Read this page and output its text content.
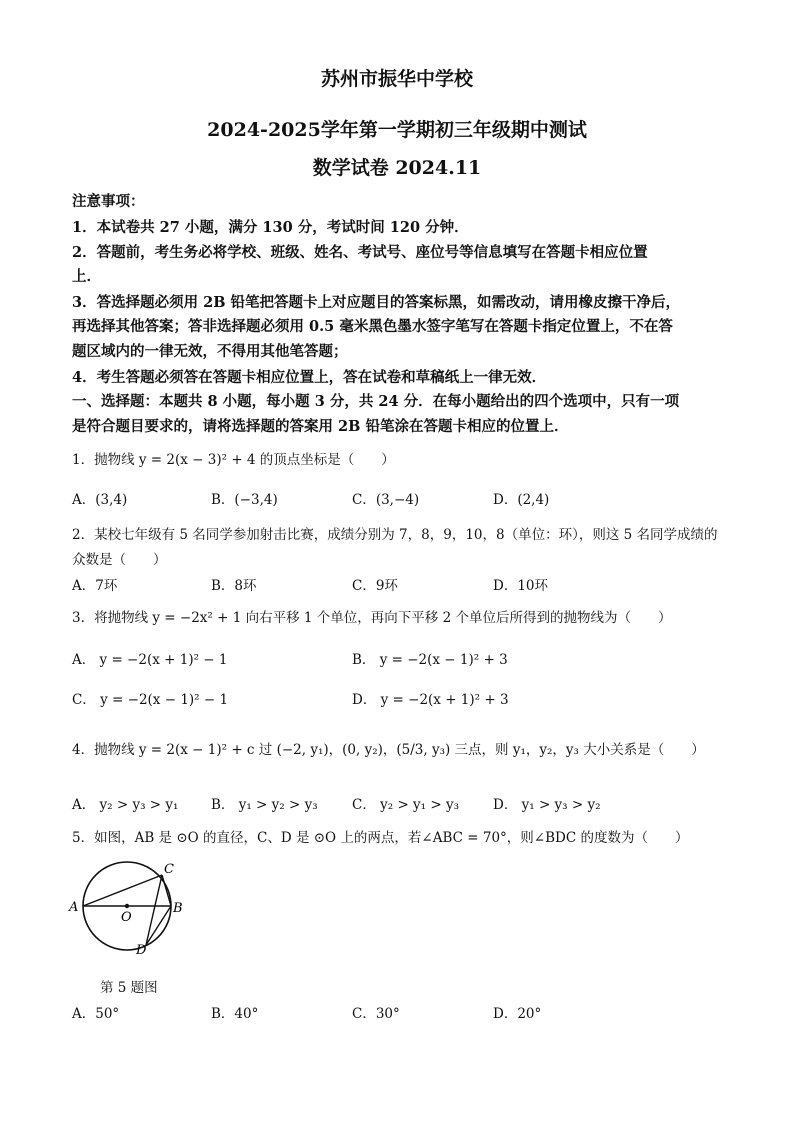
苏州市振华中学校
2024-2025学年第一学期初三年级期中测试
数学试卷 2024.11
注意事项：
1．本试卷共 27 小题，满分 130 分，考试时间 120 分钟．
2．答题前，考生务必将学校、班级、姓名、考试号、座位号等信息填写在答题卡相应位置
上．
3．答选择题必须用 2B 铅笔把答题卡上对应题目的答案标黑，如需改动，请用橡皮擦干净后，
再选择其他答案；答非选择题必须用 0.5 毫米黑色墨水签字笔写在答题卡指定位置上，不在答
题区域内的一律无效，不得用其他笔答题；
4．考生答题必须答在答题卡相应位置上，答在试卷和草稿纸上一律无效．
一、选择题：本题共 8 小题，每小题 3 分，共 24 分．在每小题给出的四个选项中，只有一项
是符合题目要求的，请将选择题的答案用 2B 铅笔涂在答题卡相应的位置上．
1．抛物线 y = 2(x − 3)² + 4 的顶点坐标是（　　）
A．(3,4)	B．(−3,4)	C．(3,−4)	D．(2,4)
2．某校七年级有 5 名同学参加射击比赛，成绩分别为 7，8，9，10，8（单位：环），则这 5 名同学成绩的
众数是（　　）
A．7环	B．8环	C．9环	D．10环
3．将抛物线 y = −2x² + 1 向右平移 1 个单位，再向下平移 2 个单位后所得到的抛物线为（　　）
A． y = −2(x + 1)² − 1	B． y = −2(x − 1)² + 3
C． y = −2(x − 1)² − 1	D． y = −2(x + 1)² + 3
4．抛物线 y = 2(x − 1)² + c 过 (−2, y₁)，(0, y₂)，(5/3, y₃) 三点，则 y₁，y₂，y₃ 大小关系是（　　）
A． y₂ > y₃ > y₁ B． y₁ > y₂ > y₃	C． y₂ > y₁ > y₃	D． y₁ > y₃ > y₂
5．如图，AB 是 ⊙O 的直径，C、D 是 ⊙O 上的两点，若∠ABC = 70°，则∠BDC 的度数为（　　）
A	B
C
D
O
第 5 题图
A．50°	B．40°	C．30°	D．20°
